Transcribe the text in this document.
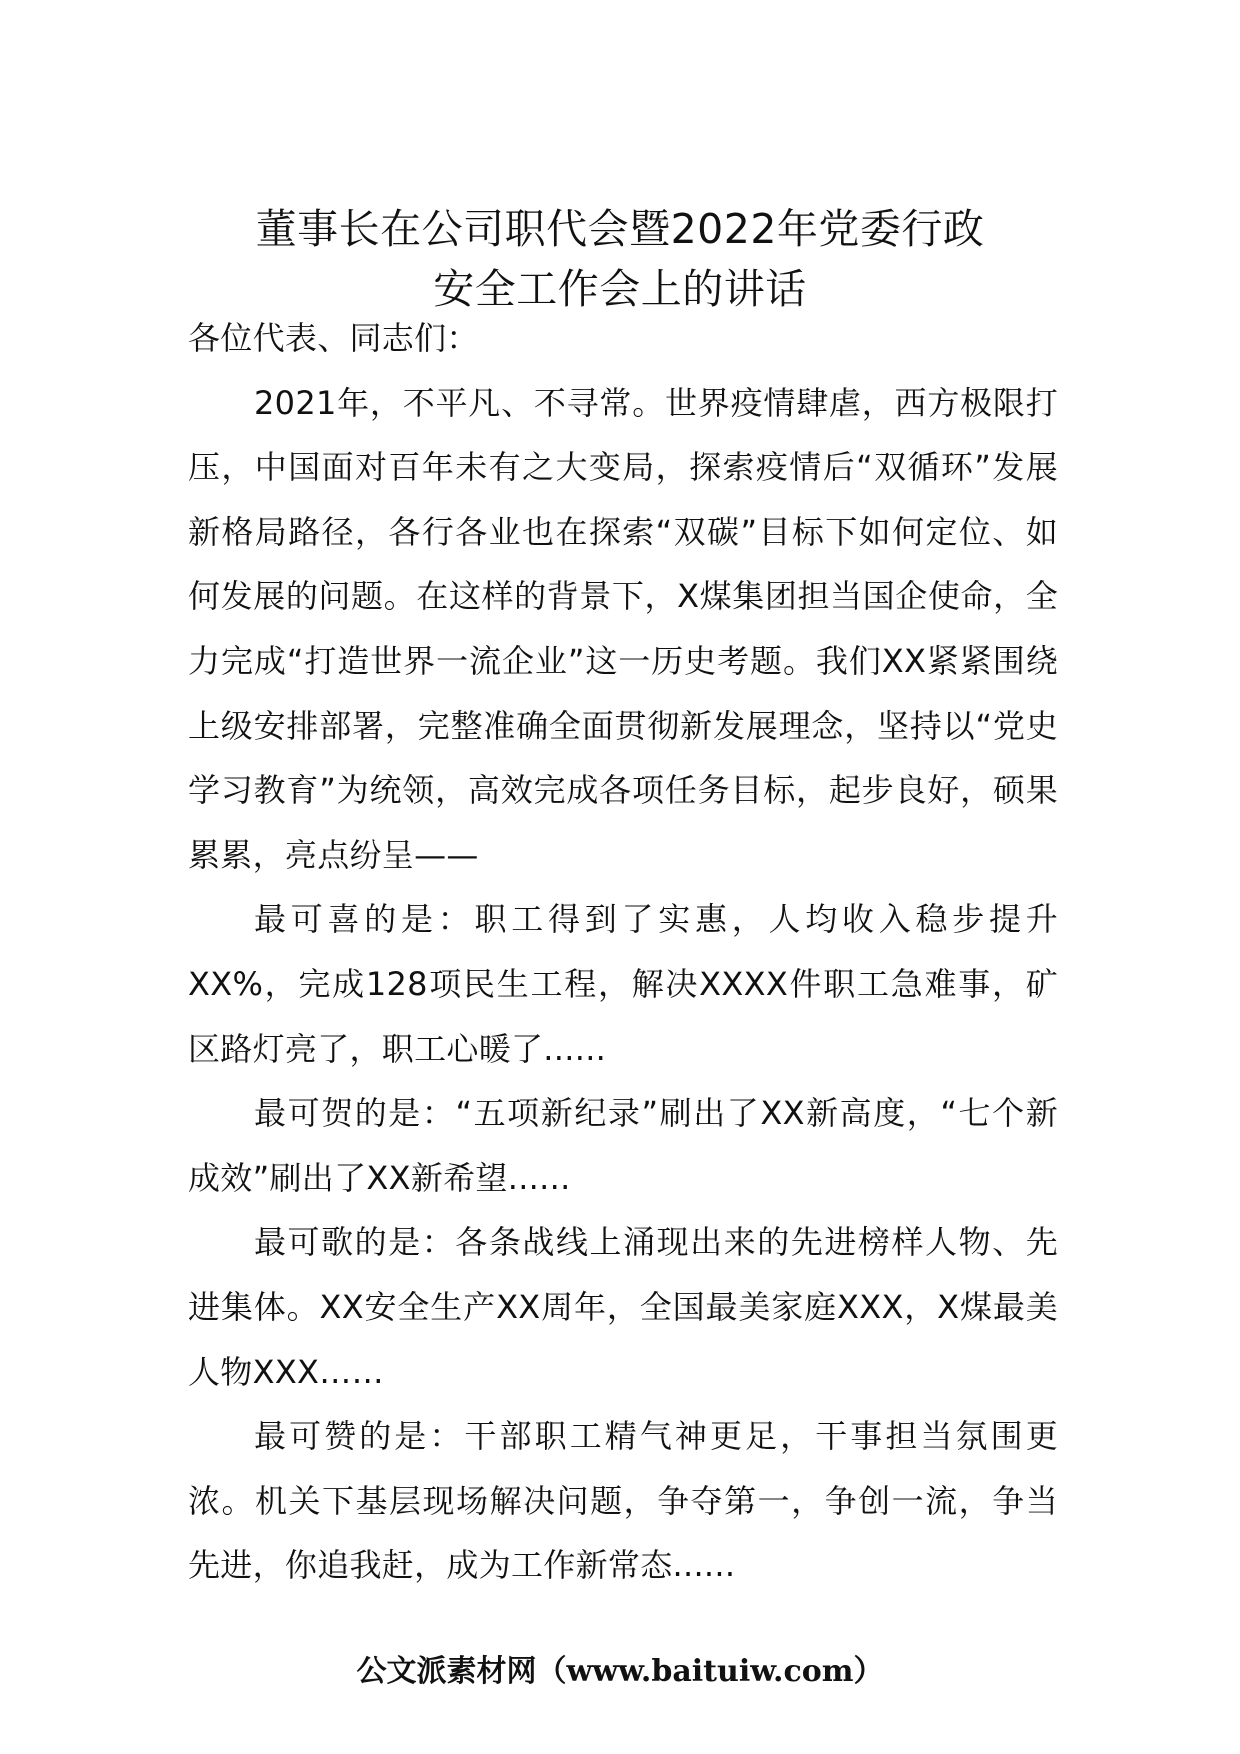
董事长在公司职代会暨2022年党委行政
安全工作会上的讲话

各位代表、同志们：

2021年，不平凡、不寻常。世界疫情肆虐，西方极限打压，中国面对百年未有之大变局，探索疫情后“双循环”发展新格局路径，各行各业也在探索“双碳”目标下如何定位、如何发展的问题。在这样的背景下，X煤集团担当国企使命，全力完成“打造世界一流企业”这一历史考题。我们XX紧紧围绕上级安排部署，完整准确全面贯彻新发展理念，坚持以“党史学习教育”为统领，高效完成各项任务目标，起步良好，硕果累累，亮点纷呈——

最可喜的是：职工得到了实惠，人均收入稳步提升XX%，完成128项民生工程，解决XXXX件职工急难事，矿区路灯亮了，职工心暖了......

最可贺的是：“五项新纪录”刷出了XX新高度，“七个新成效”刷出了XX新希望......

最可歌的是：各条战线上涌现出来的先进榜样人物、先进集体。XX安全生产XX周年，全国最美家庭XXX，X煤最美人物XXX……

最可赞的是：干部职工精气神更足，干事担当氛围更浓。机关下基层现场解决问题，争夺第一，争创一流，争当先进，你追我赶，成为工作新常态......

公文派素材网（www.baituiw.com）
